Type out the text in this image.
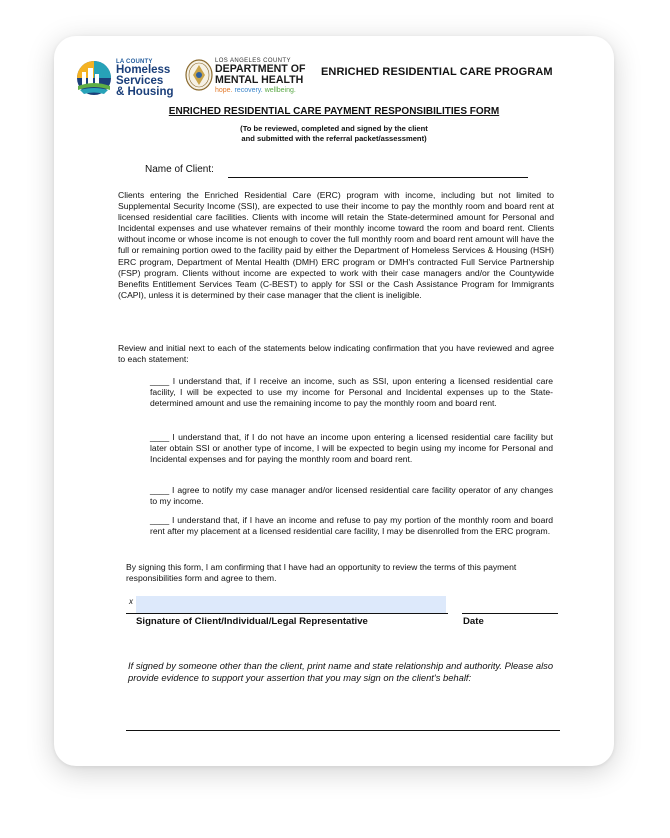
LA COUNTY
Homeless
Services
& Housing
LOS ANGELES COUNTY
DEPARTMENT OF
MENTAL HEALTH
hope. recovery. wellbeing.
ENRICHED RESIDENTIAL CARE PROGRAM
ENRICHED RESIDENTIAL CARE PAYMENT RESPONSIBILITIES FORM
(To be reviewed, completed and signed by the client
and submitted with the referral packet/assessment)
Name of Client:
Clients entering the Enriched Residential Care (ERC) program with income, including but not limited to Supplemental Security Income (SSI), are expected to use their income to pay the monthly room and board rent at licensed residential care facilities. Clients with income will retain the State-determined amount for Personal and Incidental expenses and use whatever remains of their monthly income toward the room and board rent. Clients without income or whose income is not enough to cover the full monthly room and board rent amount will have the full or remaining portion owed to the facility paid by either the Department of Homeless Services & Housing (HSH) ERC program, Department of Mental Health (DMH) ERC program or DMH's contracted Full Service Partnership (FSP) program. Clients without income are expected to work with their case managers and/or the Countywide Benefits Entitlement Services Team (C-BEST) to apply for SSI or the Cash Assistance Program for Immigrants (CAPI), unless it is determined by their case manager that the client is ineligible.
Review and initial next to each of the statements below indicating confirmation that you have reviewed and agree to each statement:
____ I understand that, if I receive an income, such as SSI, upon entering a licensed residential care facility, I will be expected to use my income for Personal and Incidental expenses up to the State-determined amount and use the remaining income to pay the monthly room and board rent.
____ I understand that, if I do not have an income upon entering a licensed residential care facility but later obtain SSI or another type of income, I will be expected to begin using my income for Personal and Incidental expenses and for paying the monthly room and board rent.
____ I agree to notify my case manager and/or licensed residential care facility operator of any changes to my income.
____ I understand that, if I have an income and refuse to pay my portion of the monthly room and board rent after my placement at a licensed residential care facility, I may be disenrolled from the ERC program.
By signing this form, I am confirming that I have had an opportunity to review the terms of this payment responsibilities form and agree to them.
x
Signature of Client/Individual/Legal Representative	Date
If signed by someone other than the client, print name and state relationship and authority. Please also provide evidence to support your assertion that you may sign on the client's behalf:
